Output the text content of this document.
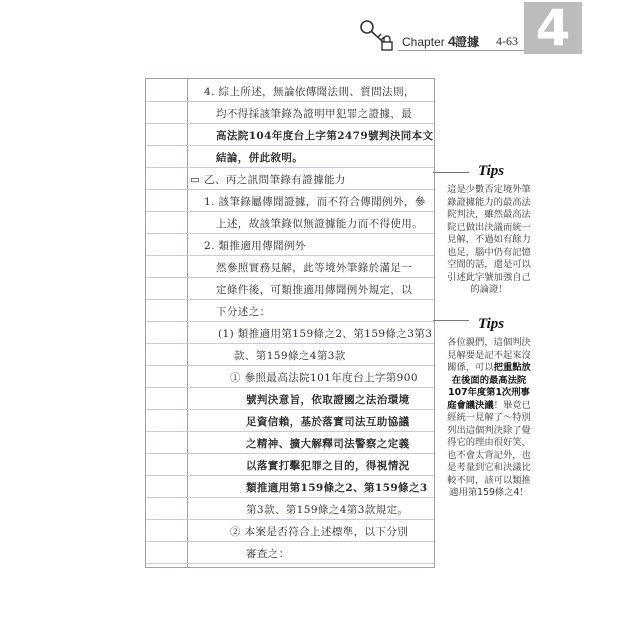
Chapter 4 證據 4-63 4
4. 綜上所述，無論依傳聞法則、質問法則，
均不得採該筆錄為證明甲犯罪之證據，最
高法院104年度台上字第2479號判決同本文
結論，併此敘明。
▭ 乙、丙之訊問筆錄有證據能力
1. 該筆錄屬傳聞證據，而不符合傳聞例外，參
上述，故該筆錄似無證據能力而不得使用。
2. 類推適用傳聞例外
然參照實務見解，此等境外筆錄於滿足一
定條件後，可類推適用傳聞例外規定，以
下分述之：
(1) 類推適用第159條之2、第159條之3第3
款、第159條之4第3款
① 參照最高法院101年度台上字第900
號判決意旨，依取證國之法治環境
足資信賴，基於落實司法互助協議
之精神、擴大解釋司法警察之定義
以落實打擊犯罪之目的，得視情況
類推適用第159條之2、第159條之3
第3款、第159條之4第3款規定。
② 本案是否符合上述標準，以下分別
審查之：
Tips
這是少數否定境外筆錄證據能力的最高法院判決，雖然最高法院已做出決議而統一見解，不過如有餘力也足，腦中仍有記憶空間的話，還是可以引述此字號加強自己的論證！
Tips
各位親們，這個判決見解要是記不起來沒關係，可以把重點放在後面的最高法院107年度第1次刑事庭會議決議！畢竟已經統一見解了～特別列出這個判決除了覺得它的理由很好笑，也不會太背記外，也是考量到它和決議比較不同，該可以類推適用第159條之4！
